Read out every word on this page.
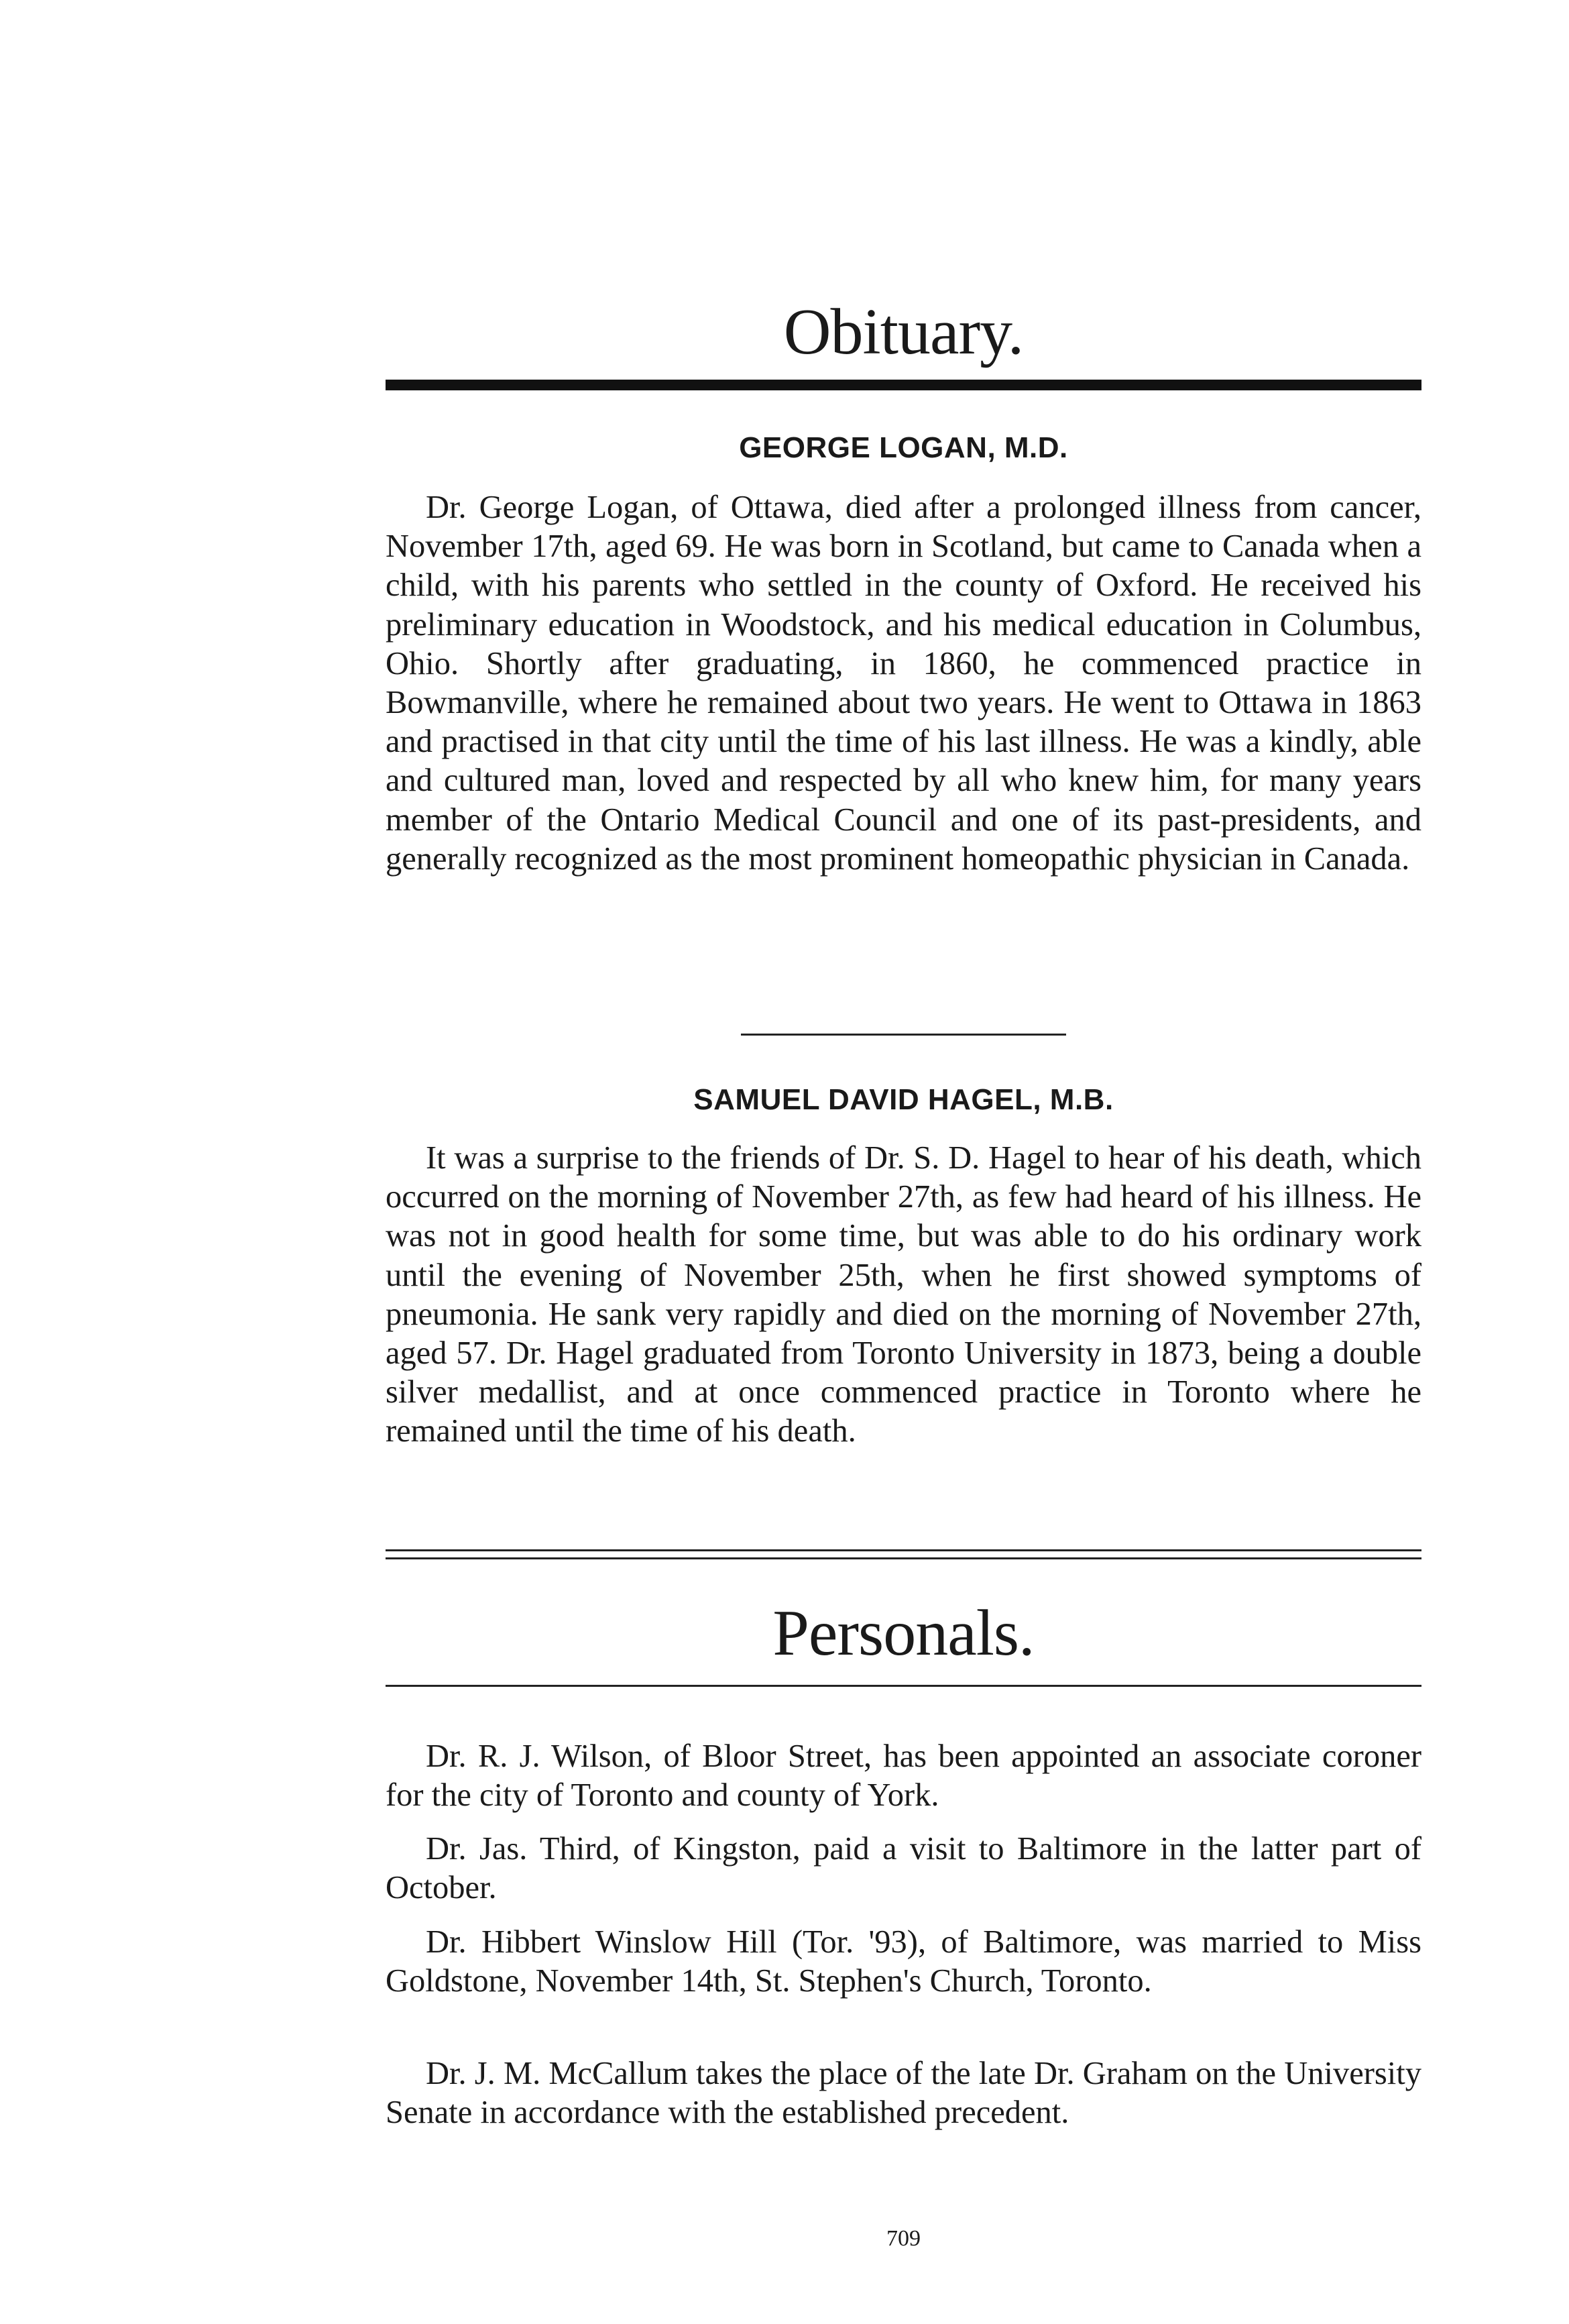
Obituary.
GEORGE LOGAN, M.D.

Dr. George Logan, of Ottawa, died after a prolonged illness from cancer, November 17th, aged 69. He was born in Scotland, but came to Canada when a child, with his parents who settled in the county of Oxford. He received his preliminary education in Woodstock, and his medical education in Columbus, Ohio. Shortly after graduating, in 1860, he commenced practice in Bowmanville, where he remained about two years. He went to Ottawa in 1863 and practised in that city until the time of his last illness. He was a kindly, able and cultured man, loved and respected by all who knew him, for many years member of the Ontario Medical Council and one of its past-presidents, and generally recognized as the most prominent homeopathic physician in Canada.

SAMUEL DAVID HAGEL, M.B.

It was a surprise to the friends of Dr. S. D. Hagel to hear of his death, which occurred on the morning of November 27th, as few had heard of his illness. He was not in good health for some time, but was able to do his ordinary work until the evening of November 25th, when he first showed symptoms of pneumonia. He sank very rapidly and died on the morning of November 27th, aged 57. Dr. Hagel graduated from Toronto University in 1873, being a double silver medallist, and at once commenced practice in Toronto where he remained until the time of his death.

Personals.

Dr. R. J. Wilson, of Bloor Street, has been appointed an associate coroner for the city of Toronto and county of York.

Dr. Jas. Third, of Kingston, paid a visit to Baltimore in the latter part of October.

Dr. Hibbert Winslow Hill (Tor. '93), of Baltimore, was married to Miss Goldstone, November 14th, St. Stephen's Church, Toronto.

Dr. J. M. McCallum takes the place of the late Dr. Graham on the University Senate in accordance with the established precedent.

709
